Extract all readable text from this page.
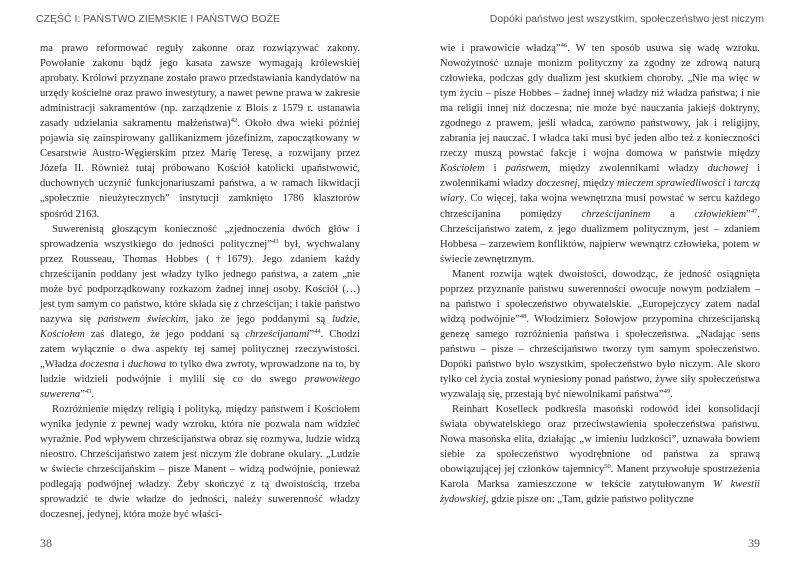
CZĘŚĆ I: PAŃSTWO ZIEMSKIE I PAŃSTWO BOŻE	Dopóki państwo jest wszystkim, społeczeństwo jest niczym

ma prawo reformować reguły zakonne oraz rozwiązywać zakony. Powołanie zakonu bądź jego kasata zawsze wymagają królewskiej aprobaty. Królowi przyznane zostało prawo przedstawiania kandydatów na urzędy kościelne oraz prawo inwestytury, a nawet pewne prawa w zakresie administracji sakramentów (np. zarządzenie z Blois z 1579 r. ustanawia zasady udzielania sakramentu małżeństwa)$^{42}$. Około dwa wieki później pojawia się zainspirowany gallikanizmem józefinizm, zapoczątkowany w Cesarstwie Austro-Węgierskim przez Marię Teresę, a rozwijany przez Józefa II. Również tutaj próbowano Kościół katolicki upaństwowić, duchownych uczynić funkcjonariuszami państwa, a w ramach likwidacji „społecznie nieużytecznych” instytucji zamknięto 1786 klasztorów spośród 2163.

Suwerenistą głoszącym konieczność „zjednoczenia dwóch głów i sprowadzenia wszystkiego do jedności politycznej”$^{43}$ był, wychwalany przez Rousseau, Thomas Hobbes (†1679). Jego zdaniem każdy chrześcijanin poddany jest władzy tylko jednego państwa, a zatem „nie może być podporządkowany rozkazom żadnej innej osoby. Kościół (…) jest tym samym co państwo, które składa się z chrześcijan; i takie państwo nazywa się państwem świeckim, jako że jego poddanymi są ludzie, Kościołem zaś dlatego, że jego poddani są chrześcijanami”$^{44}$. Chodzi zatem wyłącznie o dwa aspekty tej samej politycznej rzeczywistości. „Władza doczesna i duchowa to tylko dwa zwroty, wprowadzone na to, by ludzie widzieli podwójnie i mylili się co do swego prawowitego suwerena”$^{45}$.

Rozróżnienie między religią i polityką, między państwem i Kościołem wynika jedynie z pewnej wady wzroku, która nie pozwala nam widzieć wyraźnie. Pod wpływem chrześcijaństwa obraz się rozmywa, ludzie widzą nieostro. Chrześcijaństwo zatem jest niczym źle dobrane okulary. „Ludzie w świecie chrześcijańskim – pisze Manent – widzą podwójnie, ponieważ podlegają podwójnej władzy. Żeby skończyć z tą dwoistością, trzeba sprowadzić te dwie władze do jedności, należy suwerenność władzy doczesnej, jedynej, która może być właści-

wie i prawowicie władzą”$^{46}$. W ten sposób usuwa się wadę wzroku. Nowożytność uznaje monizm polityczny za zgodny ze zdrową naturą człowieka, podczas gdy dualizm jest skutkiem choroby. „Nie ma więc w tym życiu – pisze Hobbes – żadnej innej władzy niż władza państwa; i nie ma religii innej niż doczesna; nie może być nauczania jakiejś doktryny, zgodnego z prawem, jeśli władca, zarówno państwowy, jak i religijny, zabrania jej nauczać. I władca taki musi być jeden albo też z konieczności rzeczy muszą powstać fakcje i wojna domowa w państwie między Kościołem i państwem, między zwolennikami władzy duchowej i zwolennikami władzy doczesnej, między mieczem sprawiedliwości i tarczą wiary. Co więcej, taka wojna wewnętrzna musi powstać w sercu każdego chrześcijanina pomiędzy chrześcijaninem a człowiekiem”$^{47}$. Chrześcijaństwo zatem, z jego dualizmem politycznym, jest – zdaniem Hobbesa – zarzewiem konfliktów, najpierw wewnątrz człowieka, potem w świecie zewnętrznym.

Manent rozwija wątek dwoistości, dowodząc, że jedność osiągnięta poprzez przyznanie państwu suwerenności owocuje nowym podziałem – na państwo i społeczeństwo obywatelskie. „Europejczycy zatem nadal widzą podwójnie”$^{48}$. Włodzimierz Sołowjow przypomina chrześcijańską genezę samego rozróżnienia państwa i społeczeństwa. „Nadając sens państwu – pisze – chrześcijaństwo tworzy tym samym społeczeństwo. Dopóki państwo było wszystkim, społeczeństwo było niczym. Ale skoro tylko cel życia został wyniesiony ponad państwo, żywe siły społeczeństwa wyzwalają się, przestają być niewolnikami państwa”$^{49}$.

Reinhart Koselleck podkreśla masoński rodowód idei konsolidacji świata obywatelskiego oraz przeciwstawienia społeczeństwa państwu. Nowa masońska elita, działając „w imieniu ludzkości”, uznawała bowiem siebie za społeczeństwo wyodrębnione od państwa za sprawą obowiązującej jej członków tajemnicy$^{50}$. Manent przywołuje spostrzeżenia Karola Marksa zamieszczone w tekście zatytułowanym W kwestii żydowskiej, gdzie pisze on: „Tam, gdzie państwo polityczne

38	39
